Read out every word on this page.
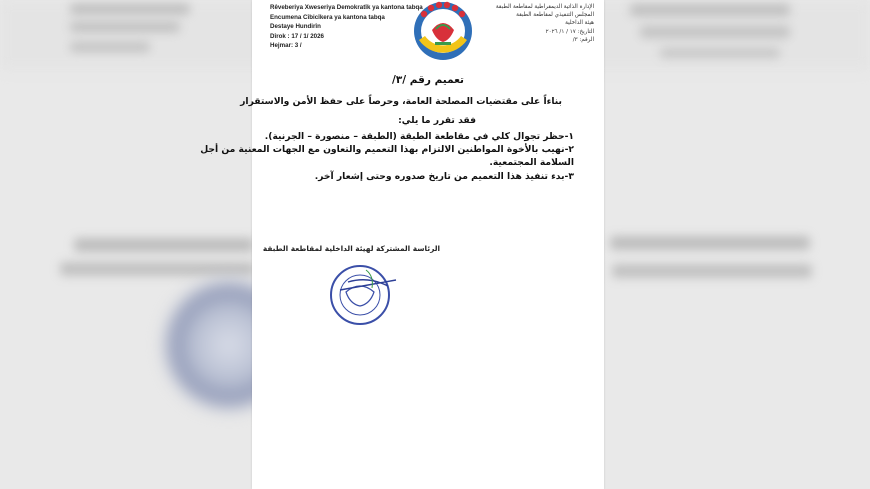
Rêveberiya Xweseriya Demokratîk ya kantona tabqa
Encumena Cîbicîkera ya kantona tabqa
Destaye Hundirîn
Dîrok : 17 / 1/ 2026
Hejmar: 3 /
الإدارة الذاتية الديمقراطية لمقاطعة الطبقة
المجلس التنفيذي لمقاطعة الطبقة
هيئة الداخلية
التاريخ: ١٧ / ١/ ٢٠٢٦
الرقم: ٣/
تعميم رقم /٣/
بناءاً على مقتضيات المصلحة العامة، وحرصاً على حفظ الأمن والاستقرار
فقد تقرر ما يلي:
١-حظر تجوال كلي في مقاطعة الطبقة (الطبقة – منصورة – الجرنية).
٢-نهيب بالأخوة المواطنين الالتزام بهذا التعميم والتعاون مع الجهات المعنية من أجل
السلامة المجتمعية.
٣-بدء تنفيذ هذا التعميم من تاريخ صدوره وحتى إشعار آخر.
الرئاسة المشتركة لهيئة الداخلية لمقاطعة الطبقة
